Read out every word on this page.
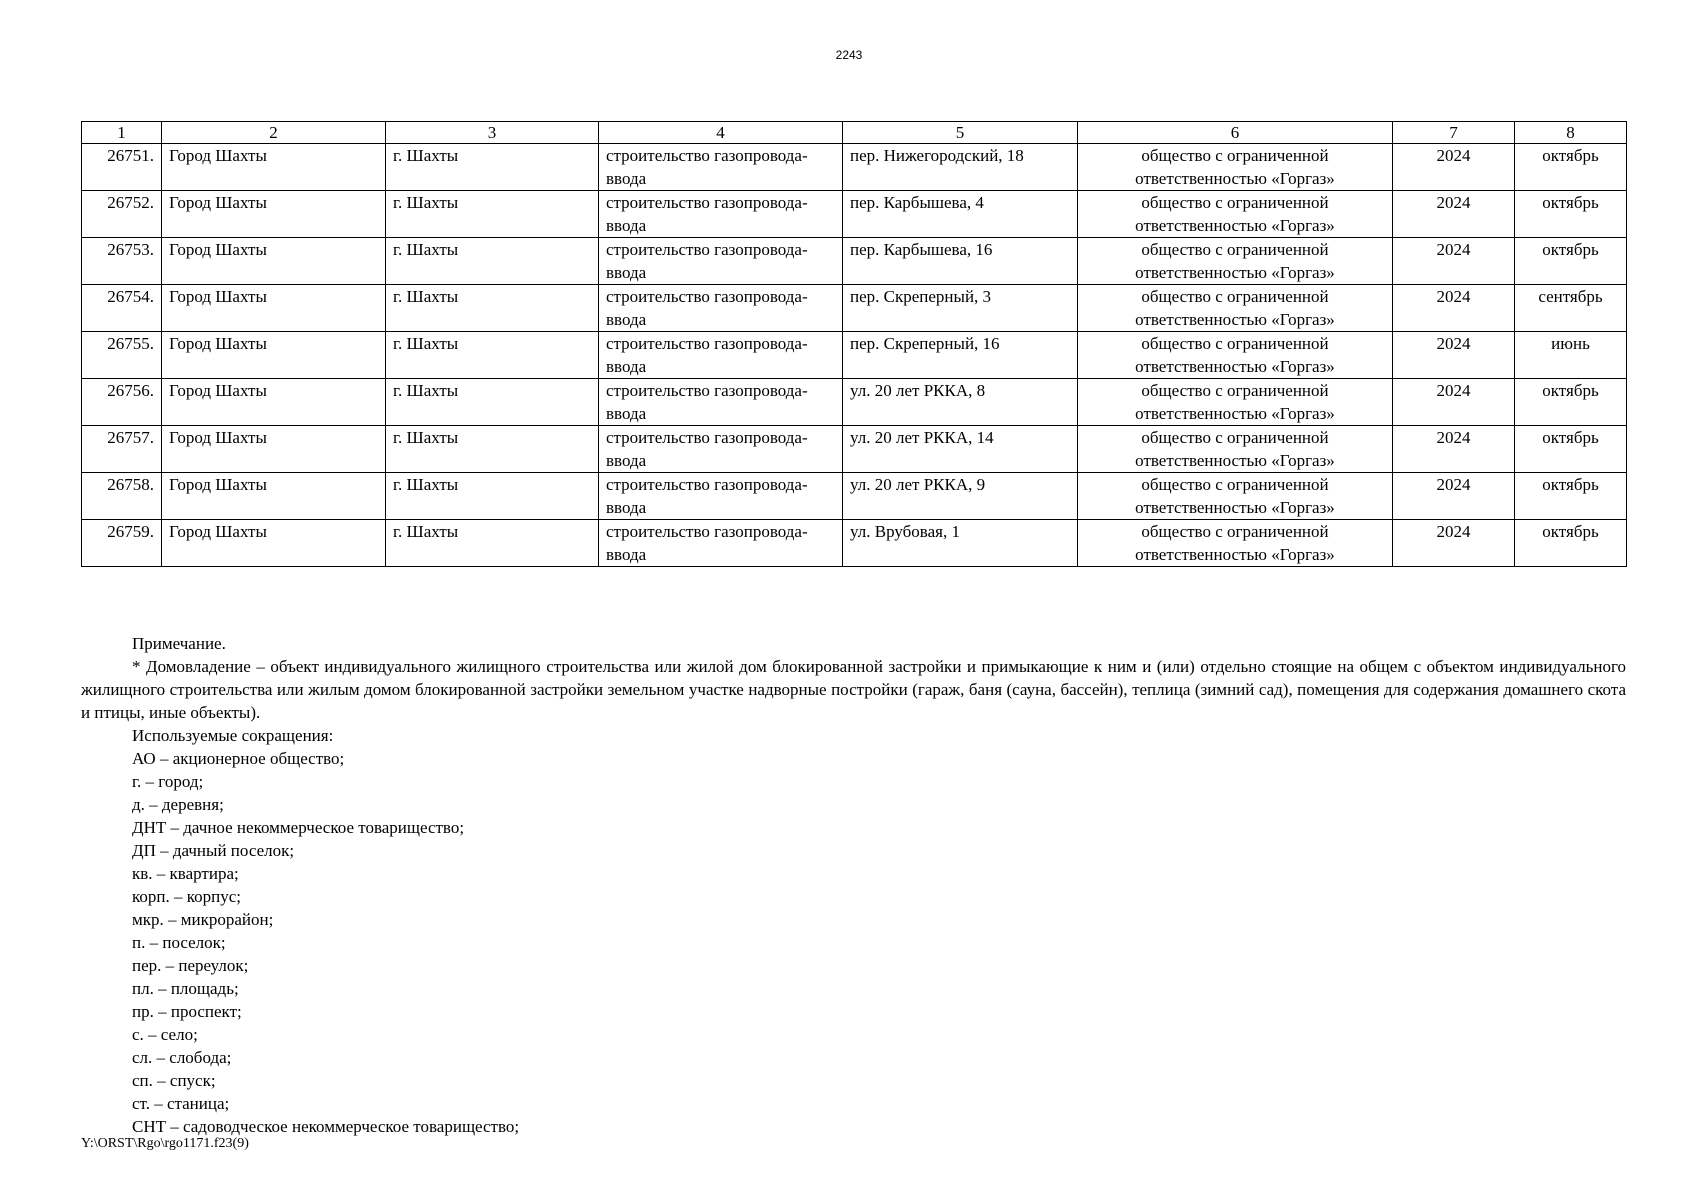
2243
1	2	3	4	5	6	7	8
26751.	Город Шахты	г. Шахты	строительство газопровода-ввода	пер. Нижегородский, 18	общество с ограниченной ответственностью «Горгаз»	2024	октябрь
26752.	Город Шахты	г. Шахты	строительство газопровода-ввода	пер. Карбышева, 4	общество с ограниченной ответственностью «Горгаз»	2024	октябрь
26753.	Город Шахты	г. Шахты	строительство газопровода-ввода	пер. Карбышева, 16	общество с ограниченной ответственностью «Горгаз»	2024	октябрь
26754.	Город Шахты	г. Шахты	строительство газопровода-ввода	пер. Скреперный, 3	общество с ограниченной ответственностью «Горгаз»	2024	сентябрь
26755.	Город Шахты	г. Шахты	строительство газопровода-ввода	пер. Скреперный, 16	общество с ограниченной ответственностью «Горгаз»	2024	июнь
26756.	Город Шахты	г. Шахты	строительство газопровода-ввода	ул. 20 лет РККА, 8	общество с ограниченной ответственностью «Горгаз»	2024	октябрь
26757.	Город Шахты	г. Шахты	строительство газопровода-ввода	ул. 20 лет РККА, 14	общество с ограниченной ответственностью «Горгаз»	2024	октябрь
26758.	Город Шахты	г. Шахты	строительство газопровода-ввода	ул. 20 лет РККА, 9	общество с ограниченной ответственностью «Горгаз»	2024	октябрь
26759.	Город Шахты	г. Шахты	строительство газопровода-ввода	ул. Врубовая, 1	общество с ограниченной ответственностью «Горгаз»	2024	октябрь

Примечание.

* Домовладение – объект индивидуального жилищного строительства или жилой дом блокированной застройки и примыкающие к ним и (или) отдельно стоящие на общем с объектом индивидуального жилищного строительства или жилым домом блокированной застройки земельном участке надворные постройки (гараж, баня (сауна, бассейн), теплица (зимний сад), помещения для содержания домашнего скота и птицы, иные объекты).

Используемые сокращения:

АО – акционерное общество;

г. – город;

д. – деревня;

ДНТ – дачное некоммерческое товарищество;

ДП – дачный поселок;

кв. – квартира;

корп. – корпус;

мкр. – микрорайон;

п. – поселок;

пер. – переулок;

пл. – площадь;

пр. – проспект;

с. – село;

сл. – слобода;

сп. – спуск;

ст. – станица;

СНТ – садоводческое некоммерческое товарищество;

Y:\ORST\Rgo\rgo1171.f23(9)
